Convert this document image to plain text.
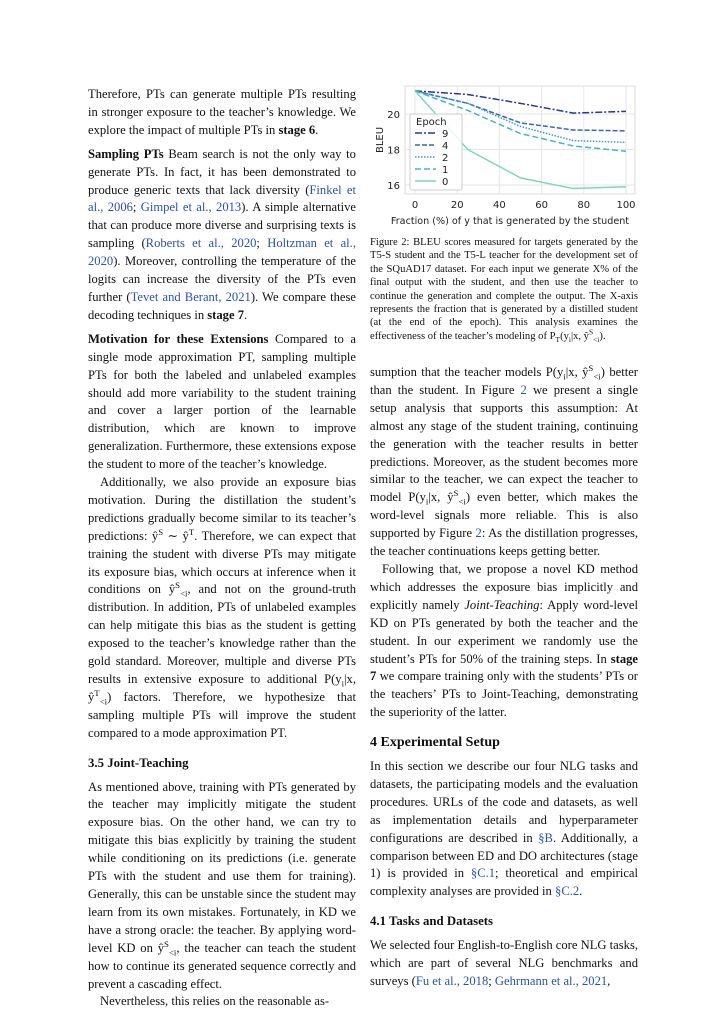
0	20	40	60	80	100
16
18
20
Fraction (%) of y that is generated by the student
BLEU
Epoch
9
4
2
1
0

Figure 2: BLEU scores measured for targets generated by the T5-S student and the T5-L teacher for the development set of the SQuAD17 dataset. For each input we generate X% of the final output with the student, and then use the teacher to continue the generation and complete the output. The X-axis represents the fraction that is generated by a distilled student (at the end of the epoch). This analysis examines the effectiveness of the teacher’s modeling of $P_T(y_i|x$, $ŷ^S_{<i}$).

Therefore, PTs can generate multiple PTs resulting in stronger exposure to the teacher’s knowledge. We explore the impact of multiple PTs in stage 6.

Sampling PTs Beam search is not the only way to generate PTs. In fact, it has been demonstrated to produce generic texts that lack diversity (Finkel et al., 2006; Gimpel et al., 2013). A simple alternative that can produce more diverse and surprising texts is sampling (Roberts et al., 2020; Holtzman et al., 2020). Moreover, controlling the temperature of the logits can increase the diversity of the PTs even further (Tevet and Berant, 2021). We compare these decoding techniques in stage 7.

Motivation for these Extensions Compared to a single mode approximation PT, sampling multiple PTs for both the labeled and unlabeled examples should add more variability to the student training and cover a larger portion of the learnable distribution, which are known to improve generalization. Furthermore, these extensions expose the student to more of the teacher’s knowledge.

Additionally, we also provide an exposure bias motivation. During the distillation the student’s predictions gradually become similar to its teacher’s predictions: $ŷ^S$ ∼ $ŷ^T$. Therefore, we can expect that training the student with diverse PTs may mitigate its exposure bias, which occurs at inference when it conditions on $ŷ^S_{<i}$, and not on the ground-truth distribution. In addition, PTs of unlabeled examples can help mitigate this bias as the student is getting exposed to the teacher’s knowledge rather than the gold standard. Moreover, multiple and diverse PTs results in extensive exposure to additional $P(y_i|x$, $ŷ^T_{<i}$) factors. Therefore, we hypothesize that sampling multiple PTs will improve the student compared to a mode approximation PT.

3.5 Joint-Teaching

As mentioned above, training with PTs generated by the teacher may implicitly mitigate the student exposure bias. On the other hand, we can try to mitigate this bias explicitly by training the student while conditioning on its predictions (i.e. generate PTs with the student and use them for training). Generally, this can be unstable since the student may learn from its own mistakes. Fortunately, in KD we have a strong oracle: the teacher. By applying word-level KD on $ŷ^S_{<i}$, the teacher can teach the student how to continue its generated sequence correctly and prevent a cascading effect.

Nevertheless, this relies on the reasonable as-

sumption that the teacher models $P(y_i|x$, $ŷ^S_{<i}$) better than the student. In Figure 2 we present a single setup analysis that supports this assumption: At almost any stage of the student training, continuing the generation with the teacher results in better predictions. Moreover, as the student becomes more similar to the teacher, we can expect the teacher to model $P(y_i|x$, $ŷ^S_{<i}$) even better, which makes the word-level signals more reliable. This is also supported by Figure 2: As the distillation progresses, the teacher continuations keeps getting better.

Following that, we propose a novel KD method which addresses the exposure bias implicitly and explicitly namely Joint-Teaching: Apply word-level KD on PTs generated by both the teacher and the student. In our experiment we randomly use the student’s PTs for 50% of the training steps. In stage 7 we compare training only with the students’ PTs or the teachers’ PTs to Joint-Teaching, demonstrating the superiority of the latter.

4 Experimental Setup

In this section we describe our four NLG tasks and datasets, the participating models and the evaluation procedures. URLs of the code and datasets, as well as implementation details and hyperparameter configurations are described in §B. Additionally, a comparison between ED and DO architectures (stage 1) is provided in §C.1; theoretical and empirical complexity analyses are provided in §C.2.

4.1 Tasks and Datasets

We selected four English-to-English core NLG tasks, which are part of several NLG benchmarks and surveys (Fu et al., 2018; Gehrmann et al., 2021,
